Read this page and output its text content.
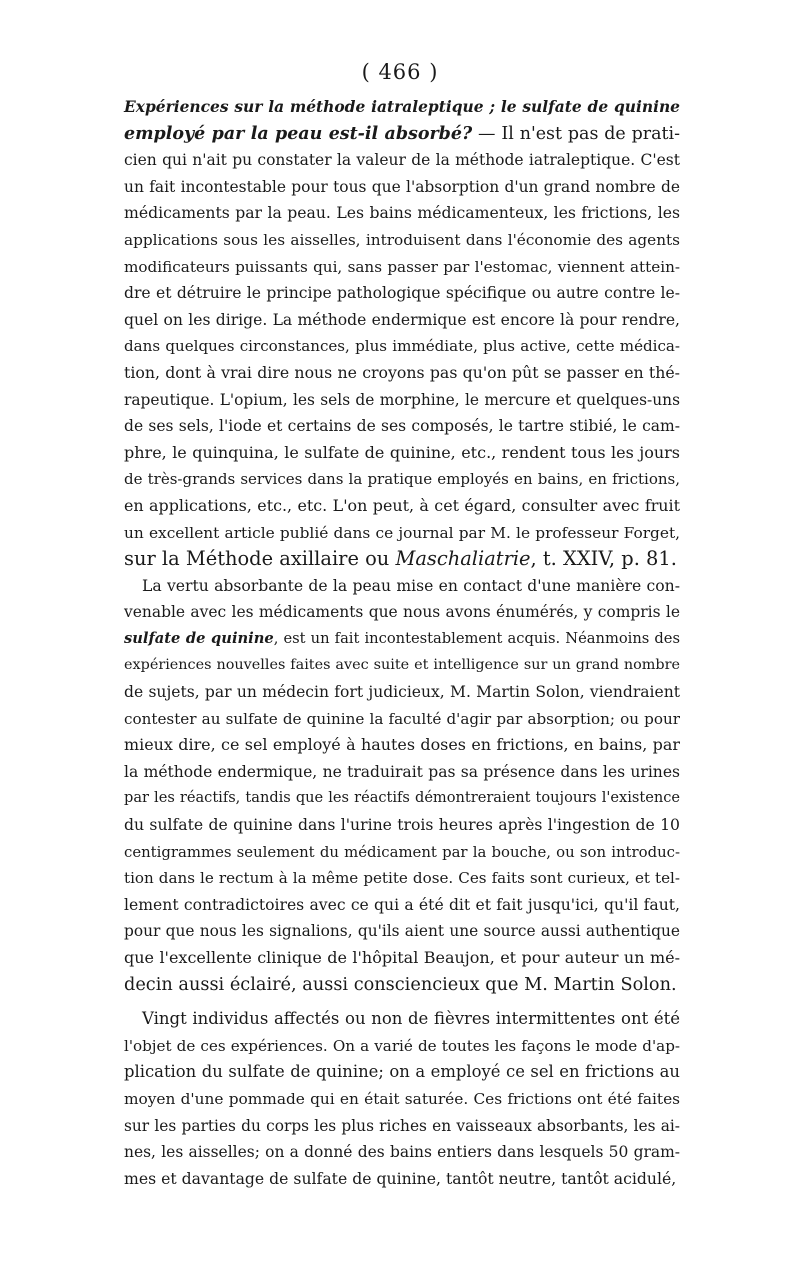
( 466 )
Expériences sur la méthode iatraleptique ; le sulfate de quinine
employé par la peau est-il absorbé? — Il n'est pas de prati-
cien qui n'ait pu constater la valeur de la méthode iatraleptique. C'est
un fait incontestable pour tous que l'absorption d'un grand nombre de
médicaments par la peau. Les bains médicamenteux, les frictions, les
applications sous les aisselles, introduisent dans l'économie des agents
modificateurs puissants qui, sans passer par l'estomac, viennent attein-
dre et détruire le principe pathologique spécifique ou autre contre le-
quel on les dirige. La méthode endermique est encore là pour rendre,
dans quelques circonstances, plus immédiate, plus active, cette médica-
tion, dont à vrai dire nous ne croyons pas qu'on pût se passer en thé-
rapeutique. L'opium, les sels de morphine, le mercure et quelques-uns
de ses sels, l'iode et certains de ses composés, le tartre stibié, le cam-
phre, le quinquina, le sulfate de quinine, etc., rendent tous les jours
de très-grands services dans la pratique employés en bains, en frictions,
en applications, etc., etc. L'on peut, à cet égard, consulter avec fruit
un excellent article publié dans ce journal par M. le professeur Forget,
sur la Méthode axillaire ou Maschaliatrie, t. XXIV, p. 81.
La vertu absorbante de la peau mise en contact d'une manière con-
venable avec les médicaments que nous avons énumérés, y compris le
sulfate de quinine, est un fait incontestablement acquis. Néanmoins des
expériences nouvelles faites avec suite et intelligence sur un grand nombre
de sujets, par un médecin fort judicieux, M. Martin Solon, viendraient
contester au sulfate de quinine la faculté d'agir par absorption; ou pour
mieux dire, ce sel employé à hautes doses en frictions, en bains, par
la méthode endermique, ne traduirait pas sa présence dans les urines
par les réactifs, tandis que les réactifs démontreraient toujours l'existence
du sulfate de quinine dans l'urine trois heures après l'ingestion de 10
centigrammes seulement du médicament par la bouche, ou son introduc-
tion dans le rectum à la même petite dose. Ces faits sont curieux, et tel-
lement contradictoires avec ce qui a été dit et fait jusqu'ici, qu'il faut,
pour que nous les signalions, qu'ils aient une source aussi authentique
que l'excellente clinique de l'hôpital Beaujon, et pour auteur un mé-
decin aussi éclairé, aussi consciencieux que M. Martin Solon.
Vingt individus affectés ou non de fièvres intermittentes ont été
l'objet de ces expériences. On a varié de toutes les façons le mode d'ap-
plication du sulfate de quinine; on a employé ce sel en frictions au
moyen d'une pommade qui en était saturée. Ces frictions ont été faites
sur les parties du corps les plus riches en vaisseaux absorbants, les ai-
nes, les aisselles; on a donné des bains entiers dans lesquels 50 gram-
mes et davantage de sulfate de quinine, tantôt neutre, tantôt acidulé,
